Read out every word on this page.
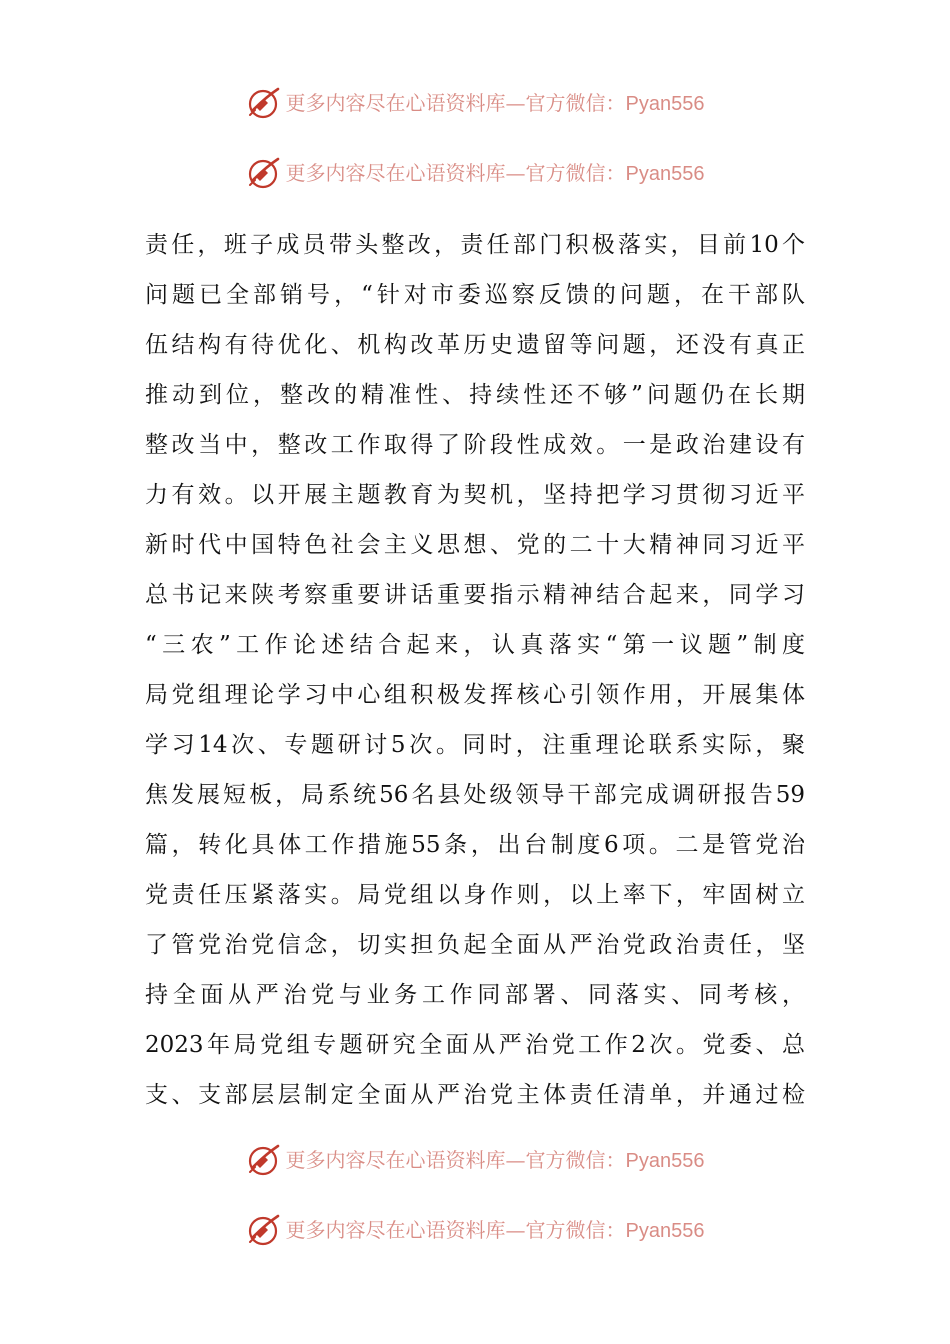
更多内容尽在心语资料库—官方微信：Pyan556
更多内容尽在心语资料库—官方微信：Pyan556
责任，班子成员带头整改，责任部门积极落实，目前10个
问题已全部销号，“针对市委巡察反馈的问题，在干部队
伍结构有待优化、机构改革历史遗留等问题，还没有真正
推动到位，整改的精准性、持续性还不够”问题仍在长期
整改当中，整改工作取得了阶段性成效。一是政治建设有
力有效。以开展主题教育为契机，坚持把学习贯彻习近平
新时代中国特色社会主义思想、党的二十大精神同习近平
总书记来陕考察重要讲话重要指示精神结合起来，同学习
“三农”工作论述结合起来，认真落实“第一议题”制度
局党组理论学习中心组积极发挥核心引领作用，开展集体
学习14次、专题研讨5次。同时，注重理论联系实际，聚
焦发展短板，局系统56名县处级领导干部完成调研报告59
篇，转化具体工作措施55条，出台制度6项。二是管党治
党责任压紧落实。局党组以身作则，以上率下，牢固树立
了管党治党信念，切实担负起全面从严治党政治责任，坚
持全面从严治党与业务工作同部署、同落实、同考核，
2023年局党组专题研究全面从严治党工作2次。党委、总
支、支部层层制定全面从严治党主体责任清单，并通过检
更多内容尽在心语资料库—官方微信：Pyan556
更多内容尽在心语资料库—官方微信：Pyan556
